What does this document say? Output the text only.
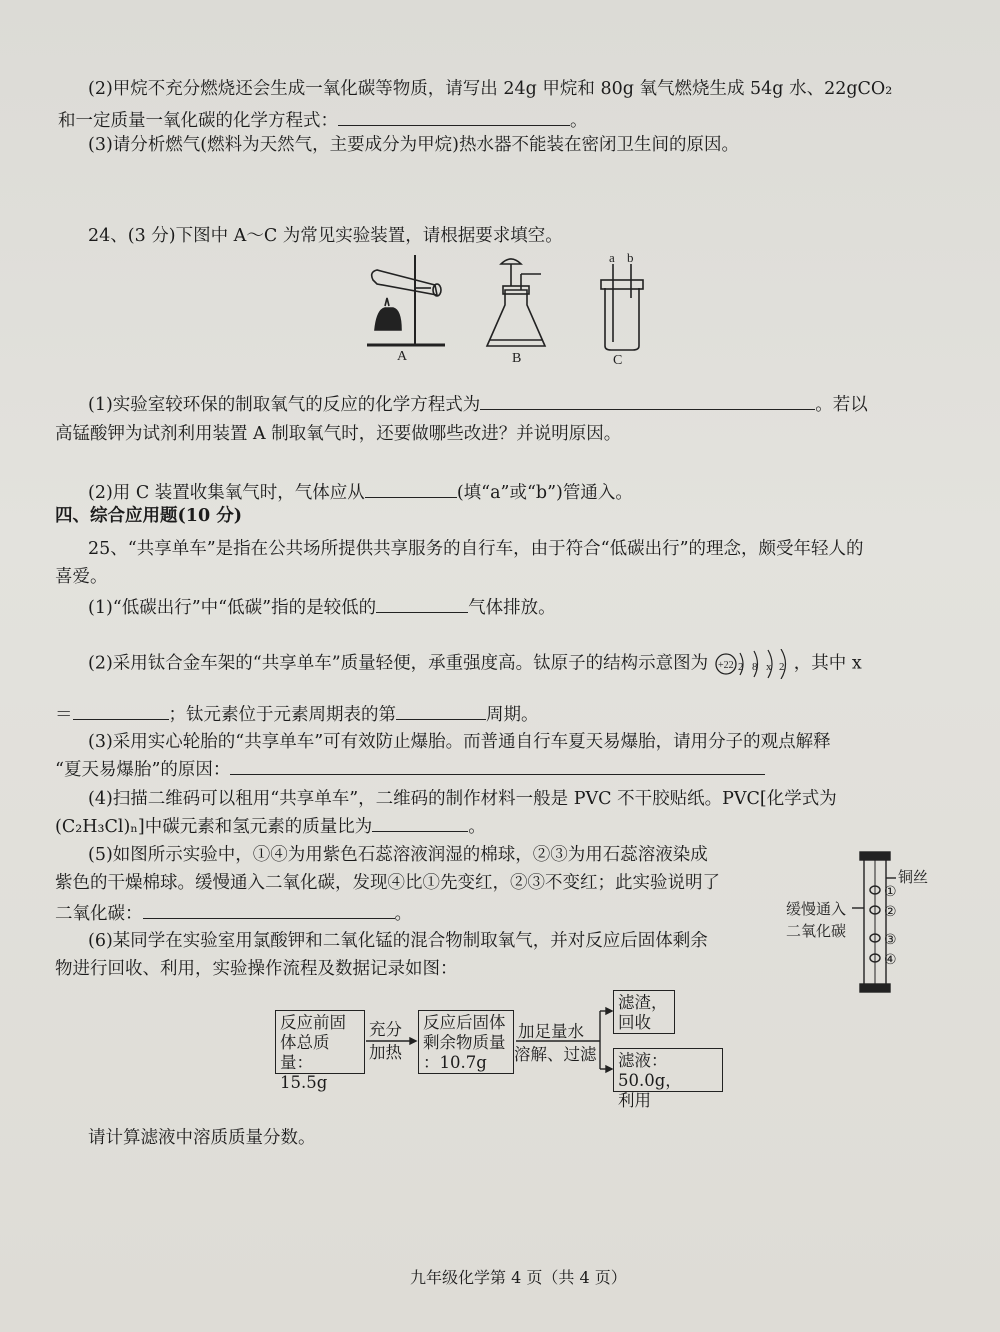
(2)甲烷不充分燃烧还会生成一氧化碳等物质，请写出 24g 甲烷和 80g 氧气燃烧生成 54g 水、22gCO₂
和一定质量一氧化碳的化学方程式：	。
(3)请分析燃气(燃料为天然气，主要成分为甲烷)热水器不能装在密闭卫生间的原因。
24、(3 分)下图中 A～C 为常见实验装置，请根据要求填空。
A	B	C
a b
(1)实验室较环保的制取氧气的反应的化学方程式为	。若以
高锰酸钾为试剂利用装置 A 制取氧气时，还要做哪些改进？并说明原因。
(2)用 C 装置收集氧气时，气体应从	(填“a”或“b”)管通入。
四、综合应用题(10 分)
25、“共享单车”是指在公共场所提供共享服务的自行车，由于符合“低碳出行”的理念，颇受年轻人的
喜爱。
(1)“低碳出行”中“低碳”指的是较低的	气体排放。
(2)采用钛合金车架的“共享单车”质量轻便，承重强度高。钛原子的结构示意图为 +22 2 8 x 2 ，其中 x
＝	；钛元素位于元素周期表的第	周期。
(3)采用实心轮胎的“共享单车”可有效防止爆胎。而普通自行车夏天易爆胎，请用分子的观点解释
“夏天易爆胎”的原因：
(4)扫描二维码可以租用“共享单车”，二维码的制作材料一般是 PVC 不干胶贴纸。PVC[化学式为
(C₂H₃Cl)ₙ]中碳元素和氢元素的质量比为	。
(5)如图所示实验中，①④为用紫色石蕊溶液润湿的棉球，②③为用石蕊溶液染成
紫色的干燥棉球。缓慢通入二氧化碳，发现④比①先变红，②③不变红；此实验说明了
二氧化碳：	。
铜丝
缓慢通入
二氧化碳
①
②
③
④
(6)某同学在实验室用氯酸钾和二氧化锰的混合物制取氧气，并对反应后固体剩余
物进行回收、利用，实验操作流程及数据记录如图：
反应前固
体总质量：
15.5g
充分
加热
反应后固体
剩余物质量
：10.7g
加足量水
溶解、过滤
滤渣，
回收
滤液：50.0g，
利用
请计算滤液中溶质质量分数。
九年级化学第 4 页（共 4 页）
